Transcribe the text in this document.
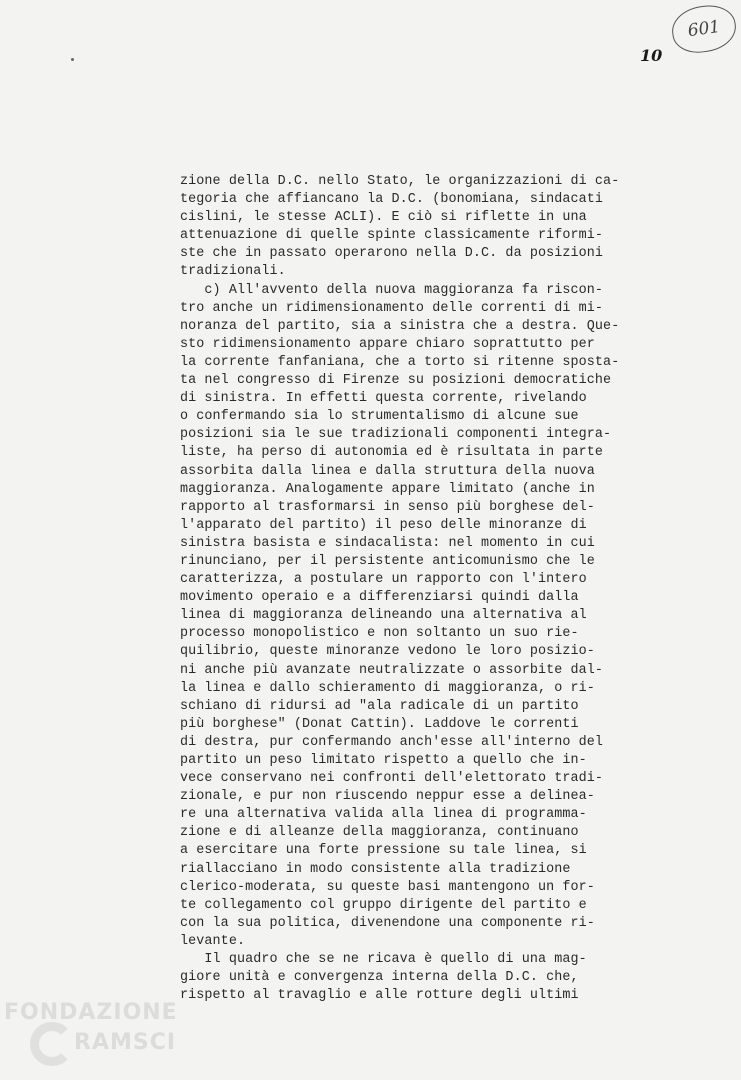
601
10
zione della D.C. nello Stato, le organizzazioni di ca-
tegoria che affiancano la D.C. (bonomiana, sindacati
cislini, le stesse ACLI). E ciò si riflette in una
attenuazione di quelle spinte classicamente riformi-
ste che in passato operarono nella D.C. da posizioni
tradizionali.
c) All'avvento della nuova maggioranza fa riscon-
tro anche un ridimensionamento delle correnti di mi-
noranza del partito, sia a sinistra che a destra. Que-
sto ridimensionamento appare chiaro soprattutto per
la corrente fanfaniana, che a torto si ritenne sposta-
ta nel congresso di Firenze su posizioni democratiche
di sinistra. In effetti questa corrente, rivelando
o confermando sia lo strumentalismo di alcune sue
posizioni sia le sue tradizionali componenti integra-
liste, ha perso di autonomia ed è risultata in parte
assorbita dalla linea e dalla struttura della nuova
maggioranza. Analogamente appare limitato (anche in
rapporto al trasformarsi in senso più borghese del-
l'apparato del partito) il peso delle minoranze di
sinistra basista e sindacalista: nel momento in cui
rinunciano, per il persistente anticomunismo che le
caratterizza, a postulare un rapporto con l'intero
movimento operaio e a differenziarsi quindi dalla
linea di maggioranza delineando una alternativa al
processo monopolistico e non soltanto un suo rie-
quilibrio, queste minoranze vedono le loro posizio-
ni anche più avanzate neutralizzate o assorbite dal-
la linea e dallo schieramento di maggioranza, o ri-
schiano di ridursi ad "ala radicale di un partito
più borghese" (Donat Cattin). Laddove le correnti
di destra, pur confermando anch'esse all'interno del
partito un peso limitato rispetto a quello che in-
vece conservano nei confronti dell'elettorato tradi-
zionale, e pur non riuscendo neppur esse a delinea-
re una alternativa valida alla linea di programma-
zione e di alleanze della maggioranza, continuano
a esercitare una forte pressione su tale linea, si
riallacciano in modo consistente alla tradizione
clerico-moderata, su queste basi mantengono un for-
te collegamento col gruppo dirigente del partito e
con la sua politica, divenendone una componente ri-
levante.
Il quadro che se ne ricava è quello di una mag-
giore unità e convergenza interna della D.C. che,
rispetto al travaglio e alle rotture degli ultimi
FONDAZIONE
RAMSCI
